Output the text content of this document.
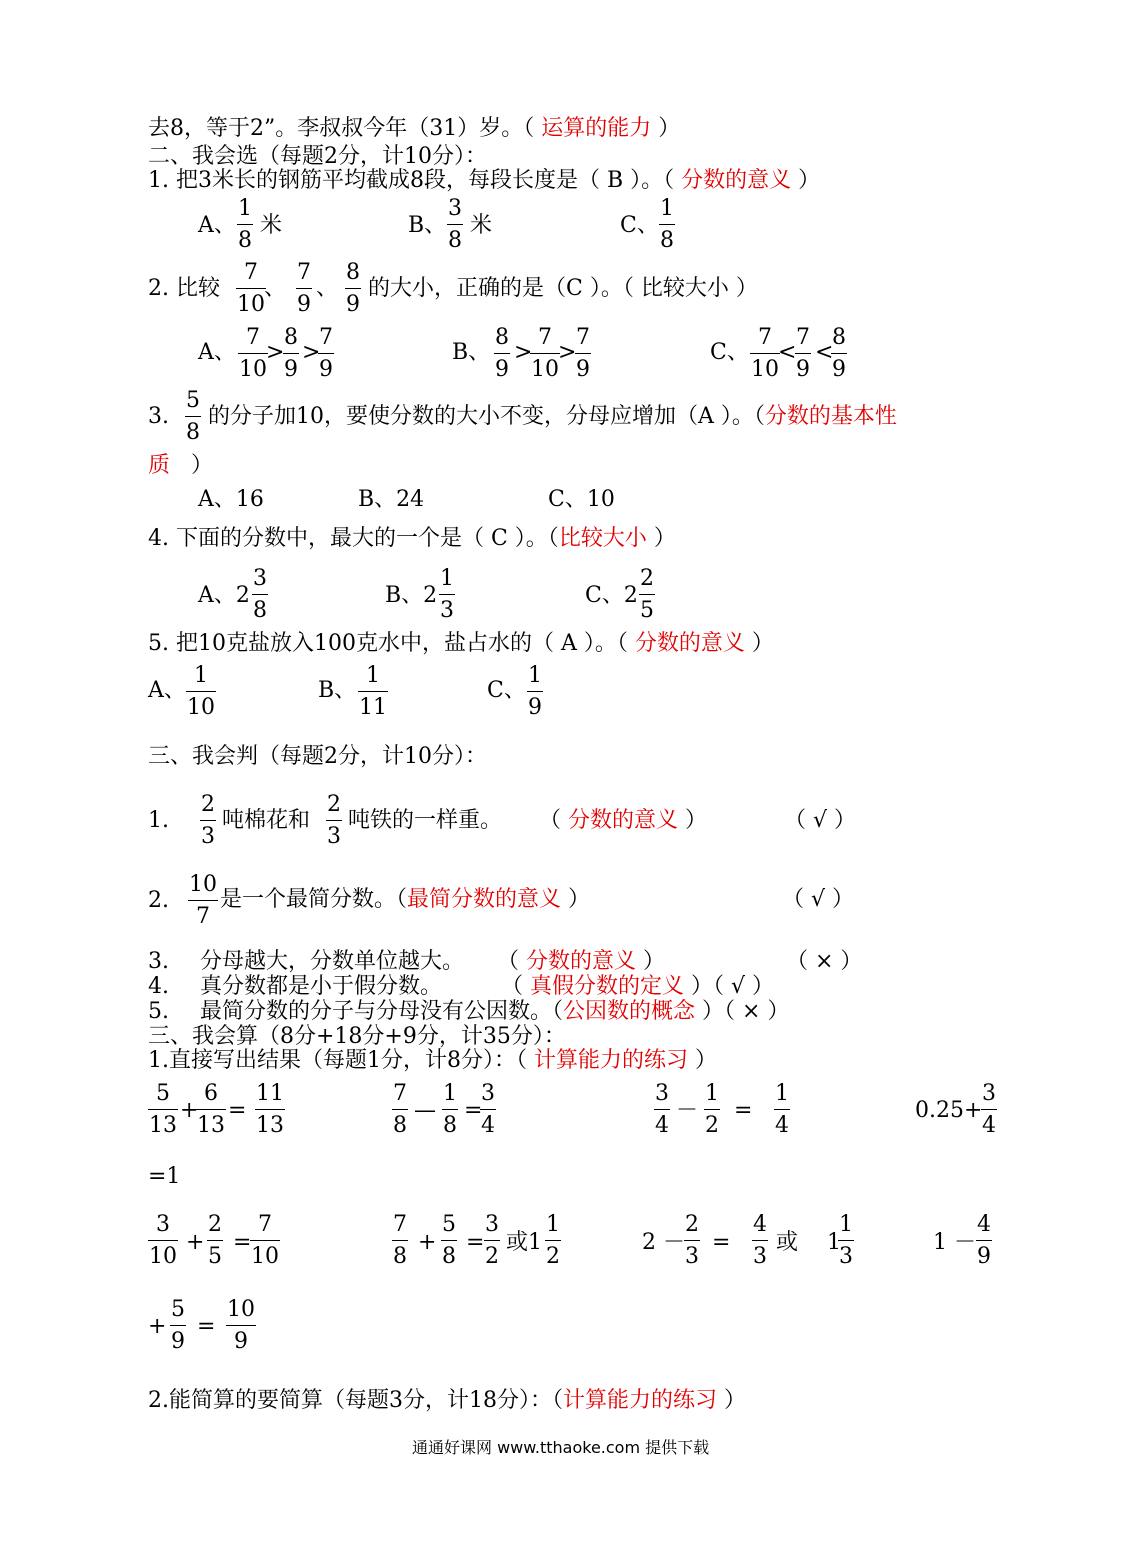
去8，等于2”。李叔叔今年（31）岁。（ 运算的能力 ）
二、我会选（每题2分，计10分）：
1. 把3米长的钢筋平均截成8段，每段长度是（ B ）。（ 分数的意义 ）
A、
1
8
米	B、
3
8
米	C、
1
8
2. 比较
7
10
、
7
9
、
8
9
的大小，正确的是（C ）。（ 比较大小 ）
A、
7
10
>
8
9
>
7
9
B、
8
9
>
7
10
>
7
9
C、
7
10
<
7
9
<
8
9
3.
5
8
的分子加10，要使分数的大小不变，分母应增加（A ）。（分数的基本性
质 ）
A、16	B、24	C、10
4. 下面的分数中，最大的一个是（ C ）。（比较大小 ）
A、2
3
8
B、2
1
3
C、2
2
5
5. 把10克盐放入100克水中，盐占水的（ A ）。（ 分数的意义 ）
A、
1
10
B、
1
11
C、
1
9
三、我会判（每题2分，计10分）：
1.
2
3
吨棉花和
2
3
吨铁的一样重。 （ 分数的意义 ）	（ √ ）
2.
10
7
是一个最简分数。（最简分数的意义 ）	（ √ ）
3. 分母越大，分数单位越大。 （ 分数的意义 ）	（ × ）
4. 真分数都是小于假分数。	（ 真假分数的定义 ）（ √ ）
5. 最简分数的分子与分母没有公因数。（公因数的概念 ）（ × ）
三、我会算（8分+18分+9分，计35分）：
1.直接写出结果（每题1分，计8分）：（ 计算能力的练习 ）
5
13
+
6
13
=
11
13
7
8
—
1
8
=
3
4
3
4
－
1
2
=
1
4
0.25+
3
4
=1
3
10
+
2
5
=
7
10
7
8
+
5
8
=
3
2
或1
1
2
2 －
2
3
=
4
3
或 1
1
3
1 －
4
9
+
5
9
=
10
9
2.能简算的要简算（每题3分，计18分）：（计算能力的练习 ）
通通好课网 www.tthaoke.com 提供下载
